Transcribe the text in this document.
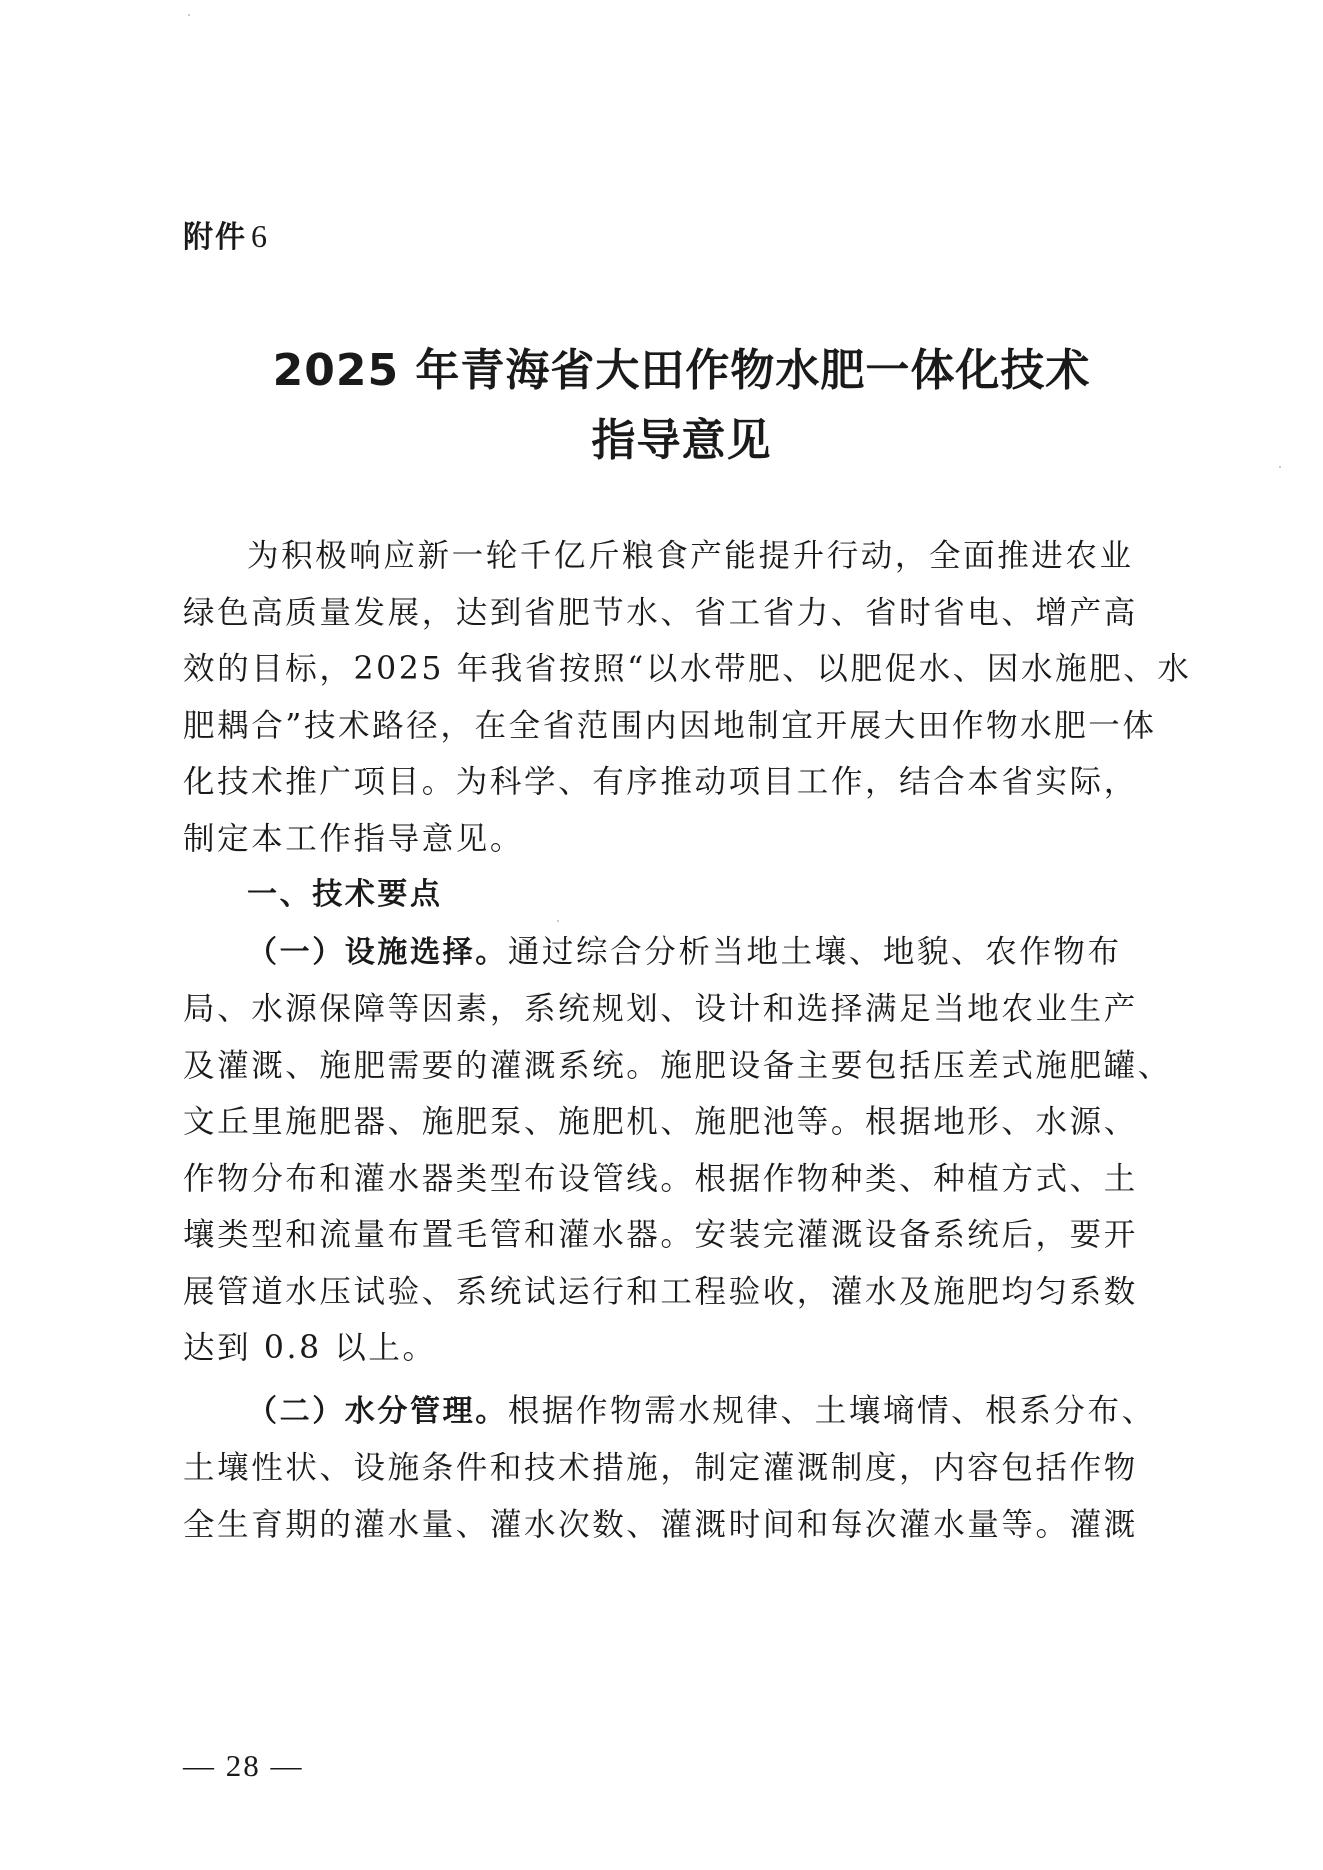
附件 6
2025 年青海省大田作物水肥一体化技术
指导意见
为积极响应新一轮千亿斤粮食产能提升行动，全面推进农业
绿色高质量发展，达到省肥节水、省工省力、省时省电、增产高
效的目标，2025 年我省按照“以水带肥、以肥促水、因水施肥、水
肥耦合”技术路径，在全省范围内因地制宜开展大田作物水肥一体
化技术推广项目。为科学、有序推动项目工作，结合本省实际，
制定本工作指导意见。
一、技术要点
（一）设施选择。通过综合分析当地土壤、地貌、农作物布
局、水源保障等因素，系统规划、设计和选择满足当地农业生产
及灌溉、施肥需要的灌溉系统。施肥设备主要包括压差式施肥罐、
文丘里施肥器、施肥泵、施肥机、施肥池等。根据地形、水源、
作物分布和灌水器类型布设管线。根据作物种类、种植方式、土
壤类型和流量布置毛管和灌水器。安装完灌溉设备系统后，要开
展管道水压试验、系统试运行和工程验收，灌水及施肥均匀系数
达到 0.8 以上。
（二）水分管理。根据作物需水规律、土壤墒情、根系分布、
土壤性状、设施条件和技术措施，制定灌溉制度，内容包括作物
全生育期的灌水量、灌水次数、灌溉时间和每次灌水量等。灌溉
— 28 —
